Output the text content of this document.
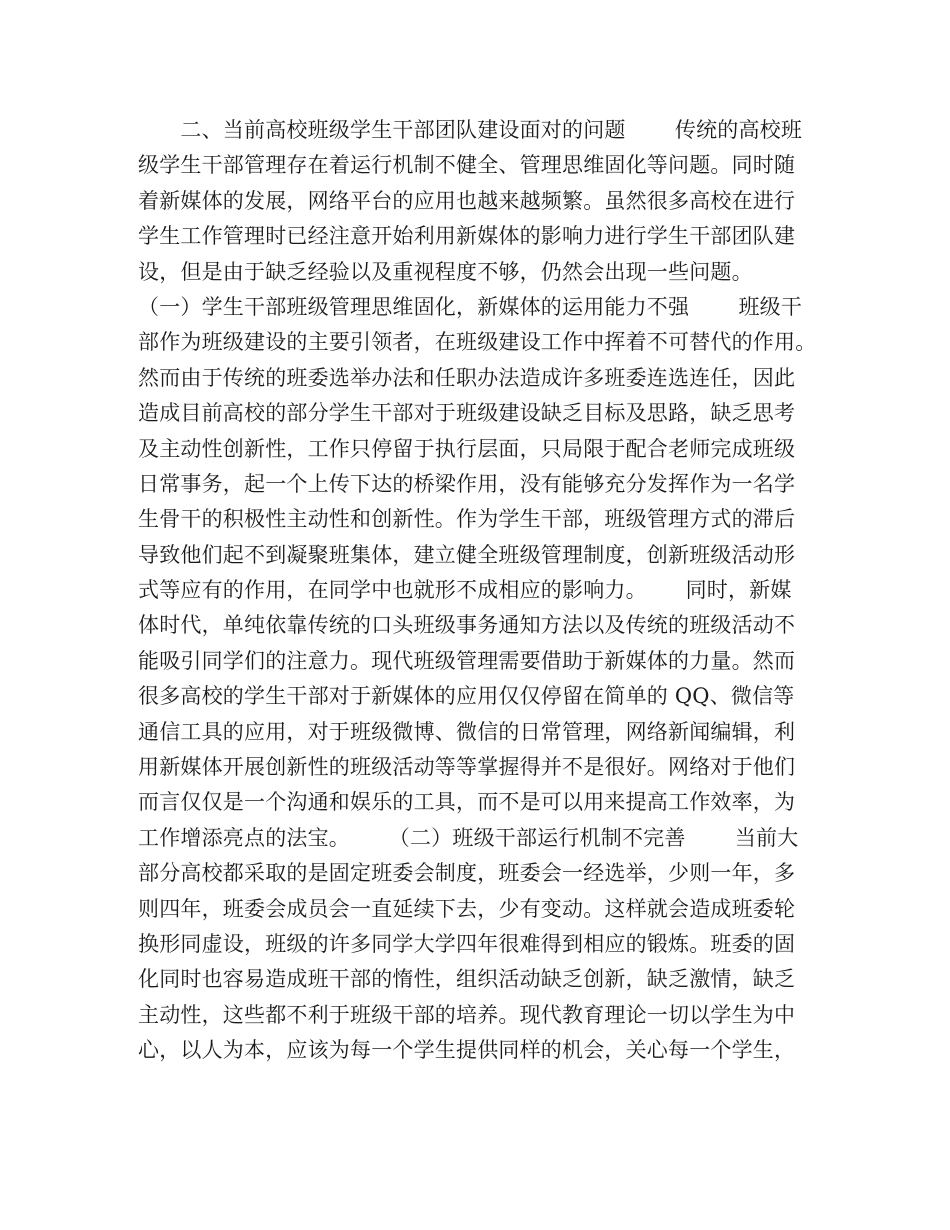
　　二、当前高校班级学生干部团队建设面对的问题　　 传统的高校班
级学生干部管理存在着运行机制不健全、管理思维固化等问题。同时随
着新媒体的发展，网络平台的应用也越来越频繁。虽然很多高校在进行
学生工作管理时已经注意开始利用新媒体的影响力进行学生干部团队建
设，但是由于缺乏经验以及重视程度不够，仍然会出现一些问题。
（一）学生干部班级管理思维固化，新媒体的运用能力不强　　 班级干
部作为班级建设的主要引领者，在班级建设工作中挥着不可替代的作用。
然而由于传统的班委选举办法和任职办法造成许多班委连选连任，因此
造成目前高校的部分学生干部对于班级建设缺乏目标及思路，缺乏思考
及主动性创新性，工作只停留于执行层面，只局限于配合老师完成班级
日常事务，起一个上传下达的桥梁作用，没有能够充分发挥作为一名学
生骨干的积极性主动性和创新性。作为学生干部，班级管理方式的滞后
导致他们起不到凝聚班集体，建立健全班级管理制度，创新班级活动形
式等应有的作用，在同学中也就形不成相应的影响力。　　 同时，新媒
体时代，单纯依靠传统的口头班级事务通知方法以及传统的班级活动不
能吸引同学们的注意力。现代班级管理需要借助于新媒体的力量。然而
很多高校的学生干部对于新媒体的应用仅仅停留在简单的 QQ、微信等
通信工具的应用，对于班级微博、微信的日常管理，网络新闻编辑，利
用新媒体开展创新性的班级活动等等掌握得并不是很好。网络对于他们
而言仅仅是一个沟通和娱乐的工具，而不是可以用来提高工作效率，为
工作增添亮点的法宝。　　 （二）班级干部运行机制不完善　　 当前大
部分高校都采取的是固定班委会制度，班委会一经选举，少则一年，多
则四年，班委会成员会一直延续下去，少有变动。这样就会造成班委轮
换形同虚设，班级的许多同学大学四年很难得到相应的锻炼。班委的固
化同时也容易造成班干部的惰性，组织活动缺乏创新，缺乏激情，缺乏
主动性，这些都不利于班级干部的培养。现代教育理论一切以学生为中
心，以人为本，应该为每一个学生提供同样的机会，关心每一个学生，
